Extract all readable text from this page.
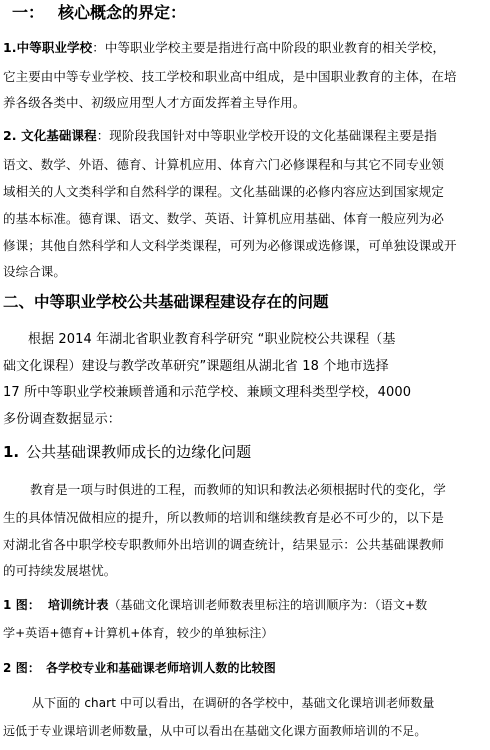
一： 核心概念的界定：
1.中等职业学校：中等职业学校主要是指进行高中阶段的职业教育的相关学校，
它主要由中等专业学校、技工学校和职业高中组成，是中国职业教育的主体，在培
养各级各类中、初级应用型人才方面发挥着主导作用。
2. 文化基础课程：现阶段我国针对中等职业学校开设的文化基础课程主要是指
语文、数学、外语、德育、计算机应用、体育六门必修课程和与其它不同专业领
域相关的人文类科学和自然科学的课程。文化基础课的必修内容应达到国家规定
的基本标准。德育课、语文、数学、英语、计算机应用基础、体育一般应列为必
修课；其他自然科学和人文科学类课程，可列为必修课或选修课，可单独设课或开
设综合课。
二、中等职业学校公共基础课程建设存在的问题
根据 2014 年湖北省职业教育科学研究 “职业院校公共课程（基
础文化课程）建设与教学改革研究”课题组从湖北省 18 个地市选择
17 所中等职业学校兼顾普通和示范学校、兼顾文理科类型学校，4000
多份调查数据显示：
1. 公共基础课教师成长的边缘化问题
教育是一项与时俱进的工程，而教师的知识和教法必须根据时代的变化，学
生的具体情况做相应的提升，所以教师的培训和继续教育是必不可少的，以下是
对湖北省各中职学校专职教师外出培训的调查统计，结果显示：公共基础课教师
的可持续发展堪忧。
1 图： 培训统计表（基础文化课培训老师数表里标注的培训顺序为：（语文+数
学+英语+德育+计算机+体育，较少的单独标注）
2 图： 各学校专业和基础课老师培训人数的比较图
从下面的 chart 中可以看出，在调研的各学校中，基础文化课培训老师数量
远低于专业课培训老师数量，从中可以看出在基础文化课方面教师培训的不足。
